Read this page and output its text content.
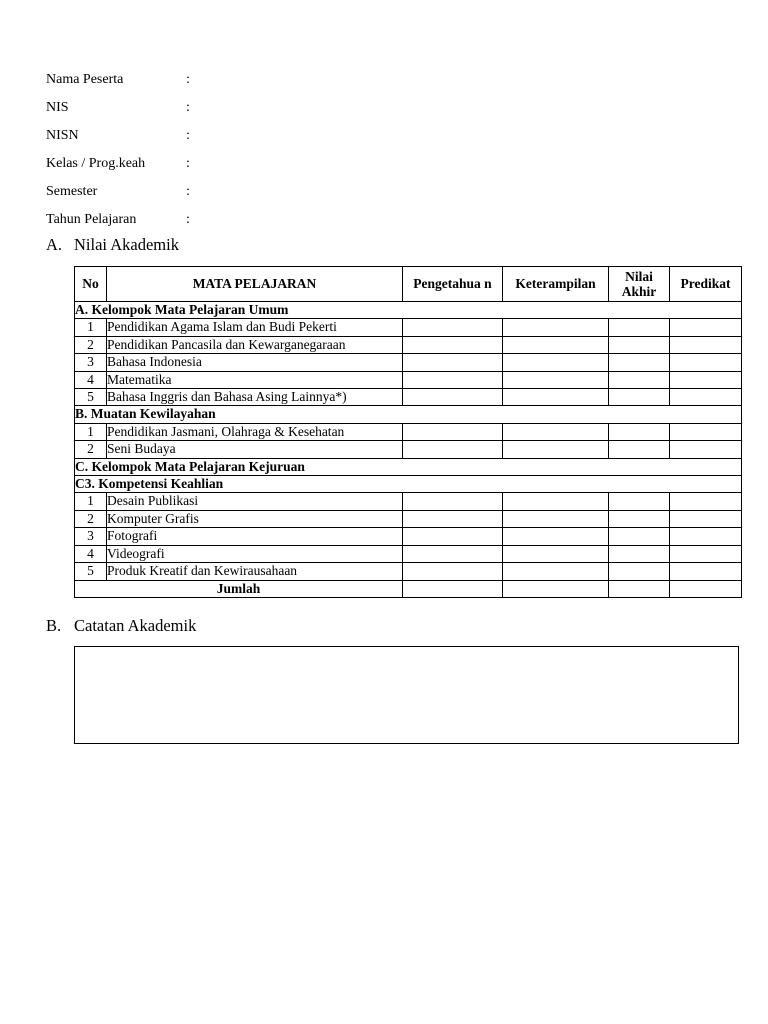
Nama Peserta	:
NIS	:
NISN	:
Kelas / Prog.keah	:
Semester	:
Tahun Pelajaran	:
A. Nilai Akademik
No	MATA PELAJARAN	Pengetahua n	Keterampilan	Nilai Akhir	Predikat
A. Kelompok Mata Pelajaran Umum					
1	Pendidikan Agama Islam dan Budi Pekerti				
2	Pendidikan Pancasila dan Kewarganegaraan				
3	Bahasa Indonesia				
4	Matematika				
5	Bahasa Inggris dan Bahasa Asing Lainnya*)				
B. Muatan Kewilayahan					
1	Pendidikan Jasmani, Olahraga & Kesehatan				
2	Seni Budaya				
C. Kelompok Mata Pelajaran Kejuruan					
C3. Kompetensi Keahlian					
1	Desain Publikasi				
2	Komputer Grafis				
3	Fotografi				
4	Videografi				
5	Produk Kreatif dan Kewirausahaan				
Jumlah					
B. Catatan Akademik
